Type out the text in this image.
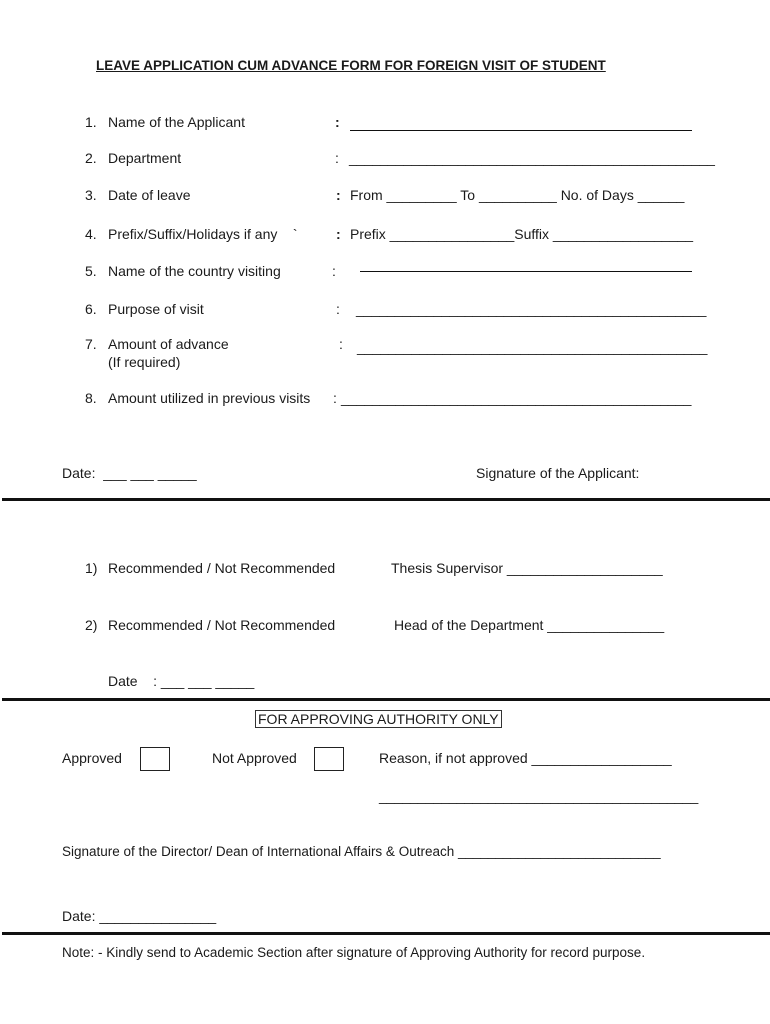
LEAVE APPLICATION CUM ADVANCE FORM FOR FOREIGN VISIT OF STUDENT
1. Name of the Applicant	:
2. Department	: _______________________________________________
3. Date of leave	: From _________ To __________ No. of Days ______
4. Prefix/Suffix/Holidays if any    `	: Prefix ________________Suffix __________________
5. Name of the country visiting	:
6. Purpose of visit	: _____________________________________________
7. Amount of advance
(If required)
: _____________________________________________
8. Amount utilized in previous visits : _____________________________________________
Date:  ___ ___ _____	Signature of the Applicant:
1) Recommended / Not Recommended	Thesis Supervisor ____________________
2) Recommended / Not Recommended	Head of the Department _______________
Date    : ___ ___ _____
FOR APPROVING AUTHORITY ONLY
Approved	Not Approved	Reason, if not approved __________________
_________________________________________
Signature of the Director/ Dean of International Affairs & Outreach ___________________________
Date: _______________
Note: - Kindly send to Academic Section after signature of Approving Authority for record purpose.
